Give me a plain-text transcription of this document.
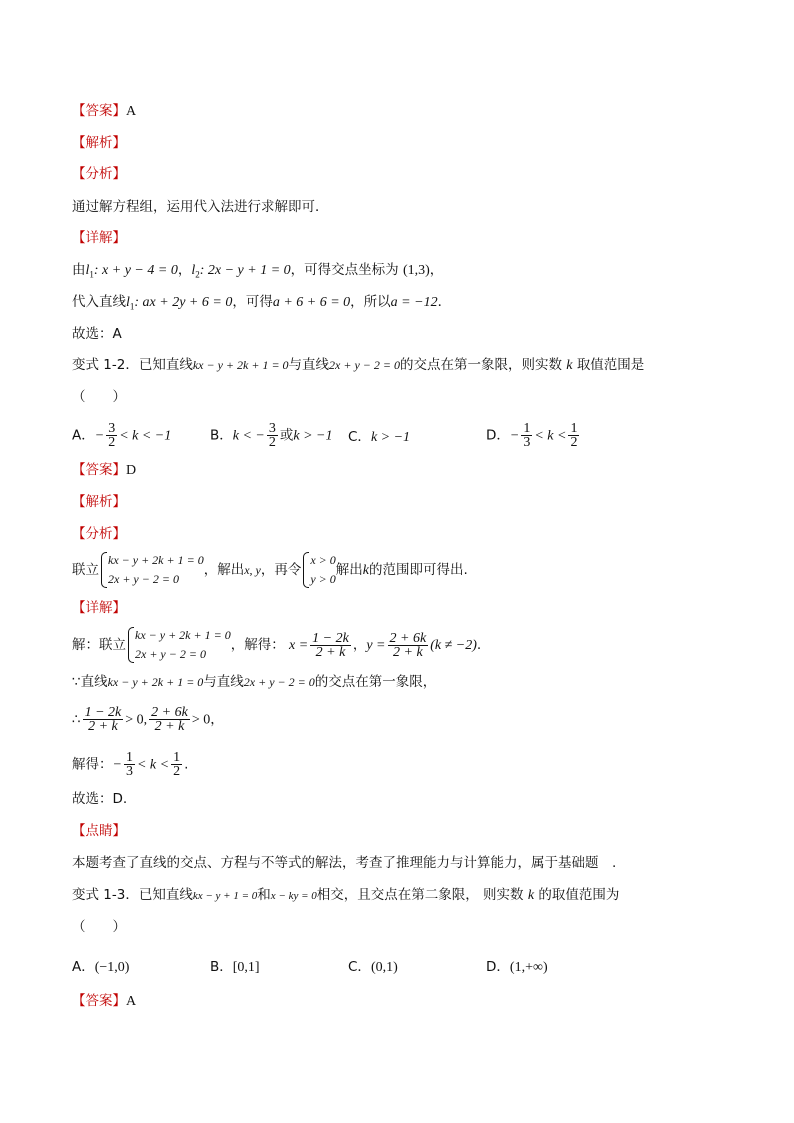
【答案】A
【解析】
【分析】
通过解方程组，运用代入法进行求解即可．
【详解】
由$l_1$: x + y − 4 = 0，$l_2$: 2x − y + 1 = 0，可得交点坐标为 (1,3)，
代入直线$l_1$: ax + 2y + 6 = 0，可得a + 6 + 6 = 0，所以a = −12．
故选：A
变式 1-2．已知直线kx − y + 2k + 1 = 0与直线2x + y − 2 = 0的交点在第一象限，则实数 k 取值范围是
（　　）
A．− $\frac{3}{2} < k < -1$	B．k < − $\frac{3}{2}$ 或k > −1 C．k > −1	D．− $\frac{1}{3} < k < \frac{1}{2}$
【答案】D
【解析】
【分析】
联立
kx − y + 2k + 1 = 0
2x + y − 2 = 0
，解出x, y，再令
x > 0
y > 0
解出k的范围即可得出.
【详解】
解：联立
kx − y + 2k + 1 = 0
2x + y − 2 = 0
，解得： $x = \frac{1 - 2k}{2 + k}$ ，$y = \frac{2 + 6k}{2 + k} (k \ne -2)$.
∵直线kx − y + 2k + 1 = 0与直线2x + y − 2 = 0的交点在第一象限，
∴ $\frac{1 - 2k}{2 + k} > 0$, $\frac{2 + 6k}{2 + k} > 0$，
解得：− $\frac{1}{3} < k < \frac{1}{2}$ .
故选：D.
【点睛】
本题考查了直线的交点、方程与不等式的解法，考查了推理能力与计算能力，属于基础题　.
变式 1-3．已知直线kx − y + 1 = 0和x − ky = 0相交，且交点在第二象限， 则实数 k 的取值范围为
（　　）
A．(−1,0)	B．[0,1]	C．(0,1)	D．(1,+∞)
【答案】A
